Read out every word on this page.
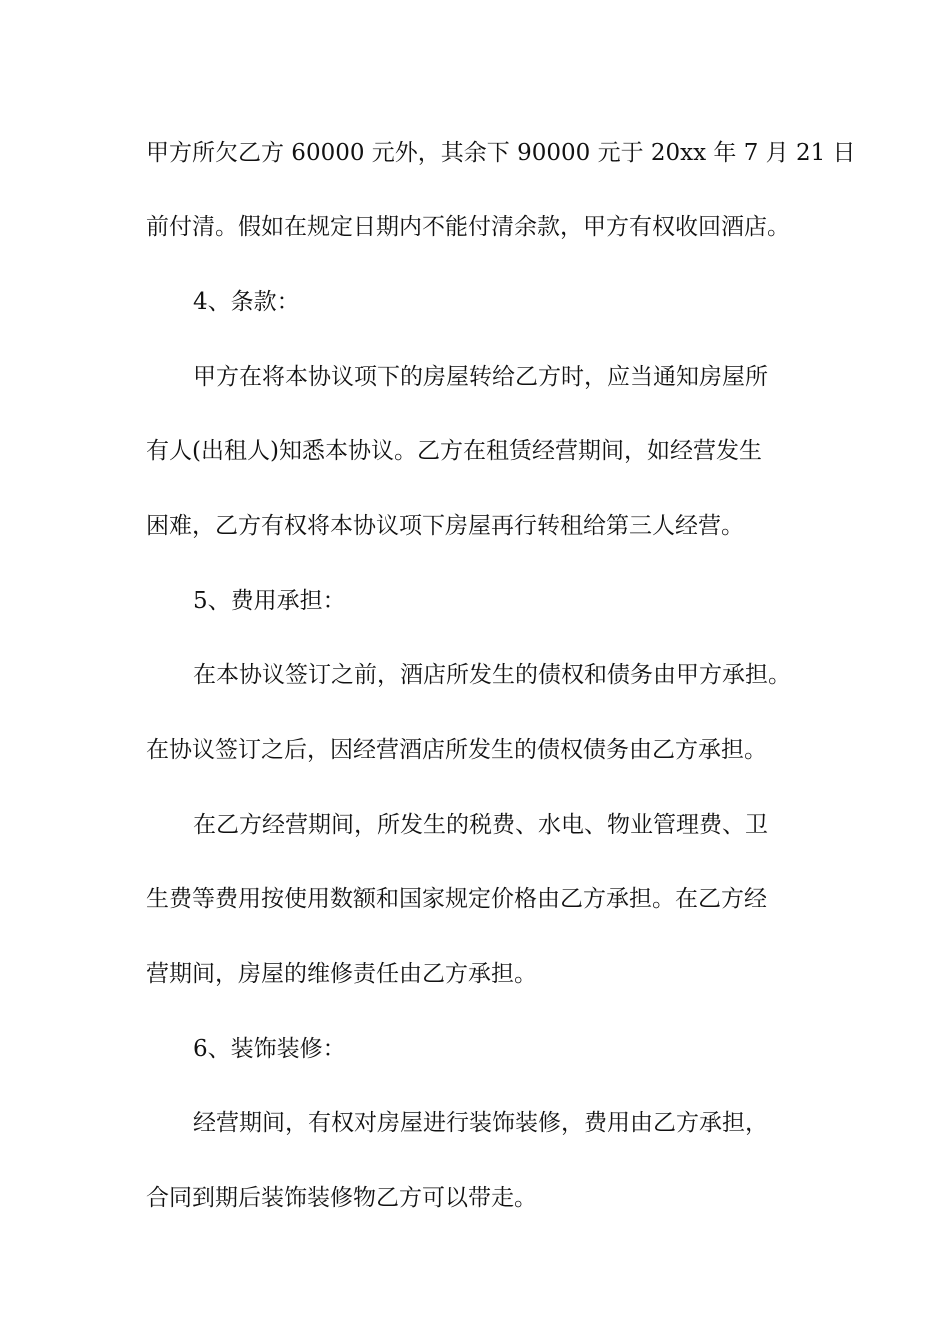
甲方所欠乙方 60000 元外，其余下 90000 元于 20xx 年 7 月 21 日
前付清。假如在规定日期内不能付清余款，甲方有权收回酒店。
4、条款：
甲方在将本协议项下的房屋转给乙方时，应当通知房屋所
有人(出租人)知悉本协议。乙方在租赁经营期间，如经营发生
困难，乙方有权将本协议项下房屋再行转租给第三人经营。
5、费用承担：
在本协议签订之前，酒店所发生的债权和债务由甲方承担。
在协议签订之后，因经营酒店所发生的债权债务由乙方承担。
在乙方经营期间，所发生的税费、水电、物业管理费、卫
生费等费用按使用数额和国家规定价格由乙方承担。在乙方经
营期间，房屋的维修责任由乙方承担。
6、装饰装修：
经营期间，有权对房屋进行装饰装修，费用由乙方承担，
合同到期后装饰装修物乙方可以带走。
